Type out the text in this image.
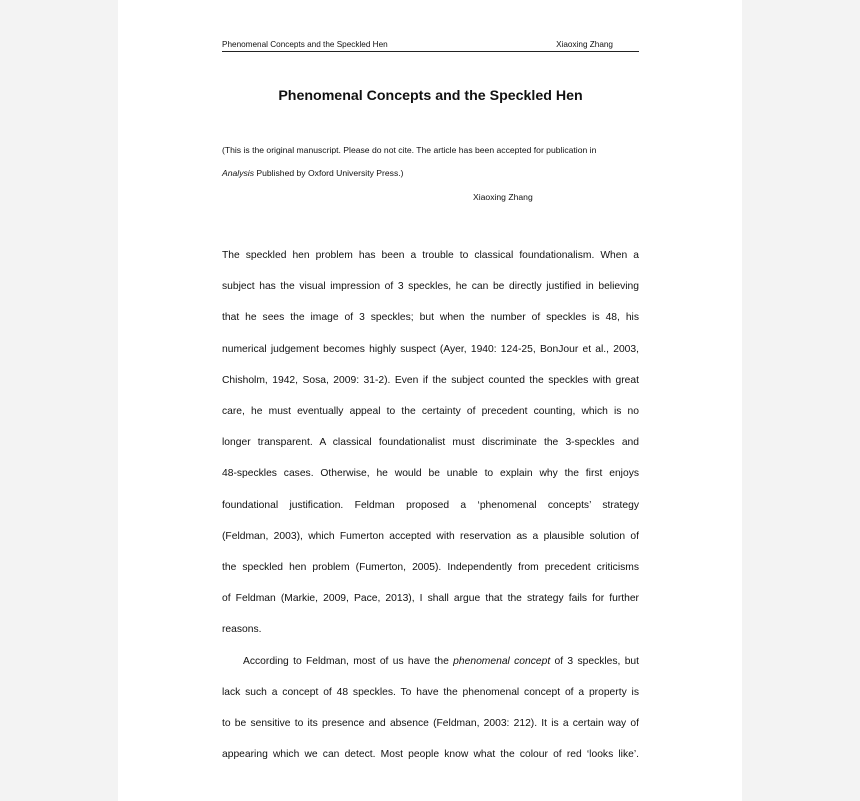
Phenomenal Concepts and the Speckled Hen	Xiaoxing Zhang
Phenomenal Concepts and the Speckled Hen
(This is the original manuscript. Please do not cite. The article has been accepted for publication in
Analysis Published by Oxford University Press.)
Xiaoxing Zhang
The speckled hen problem has been a trouble to classical foundationalism. When a
subject has the visual impression of 3 speckles, he can be directly justified in believing
that he sees the image of 3 speckles; but when the number of speckles is 48, his
numerical judgement becomes highly suspect (Ayer, 1940: 124-25, BonJour et al., 2003,
Chisholm, 1942, Sosa, 2009: 31-2). Even if the subject counted the speckles with great
care, he must eventually appeal to the certainty of precedent counting, which is no
longer transparent. A classical foundationalist must discriminate the 3-speckles and
48-speckles cases. Otherwise, he would be unable to explain why the first enjoys
foundational justification. Feldman proposed a ‘phenomenal concepts’ strategy
(Feldman, 2003), which Fumerton accepted with reservation as a plausible solution of
the speckled hen problem (Fumerton, 2005). Independently from precedent criticisms
of Feldman (Markie, 2009, Pace, 2013), I shall argue that the strategy fails for further
reasons.
According to Feldman, most of us have the phenomenal concept of 3 speckles, but
lack such a concept of 48 speckles. To have the phenomenal concept of a property is
to be sensitive to its presence and absence (Feldman, 2003: 212). It is a certain way of
appearing which we can detect. Most people know what the colour of red ‘looks like’.
